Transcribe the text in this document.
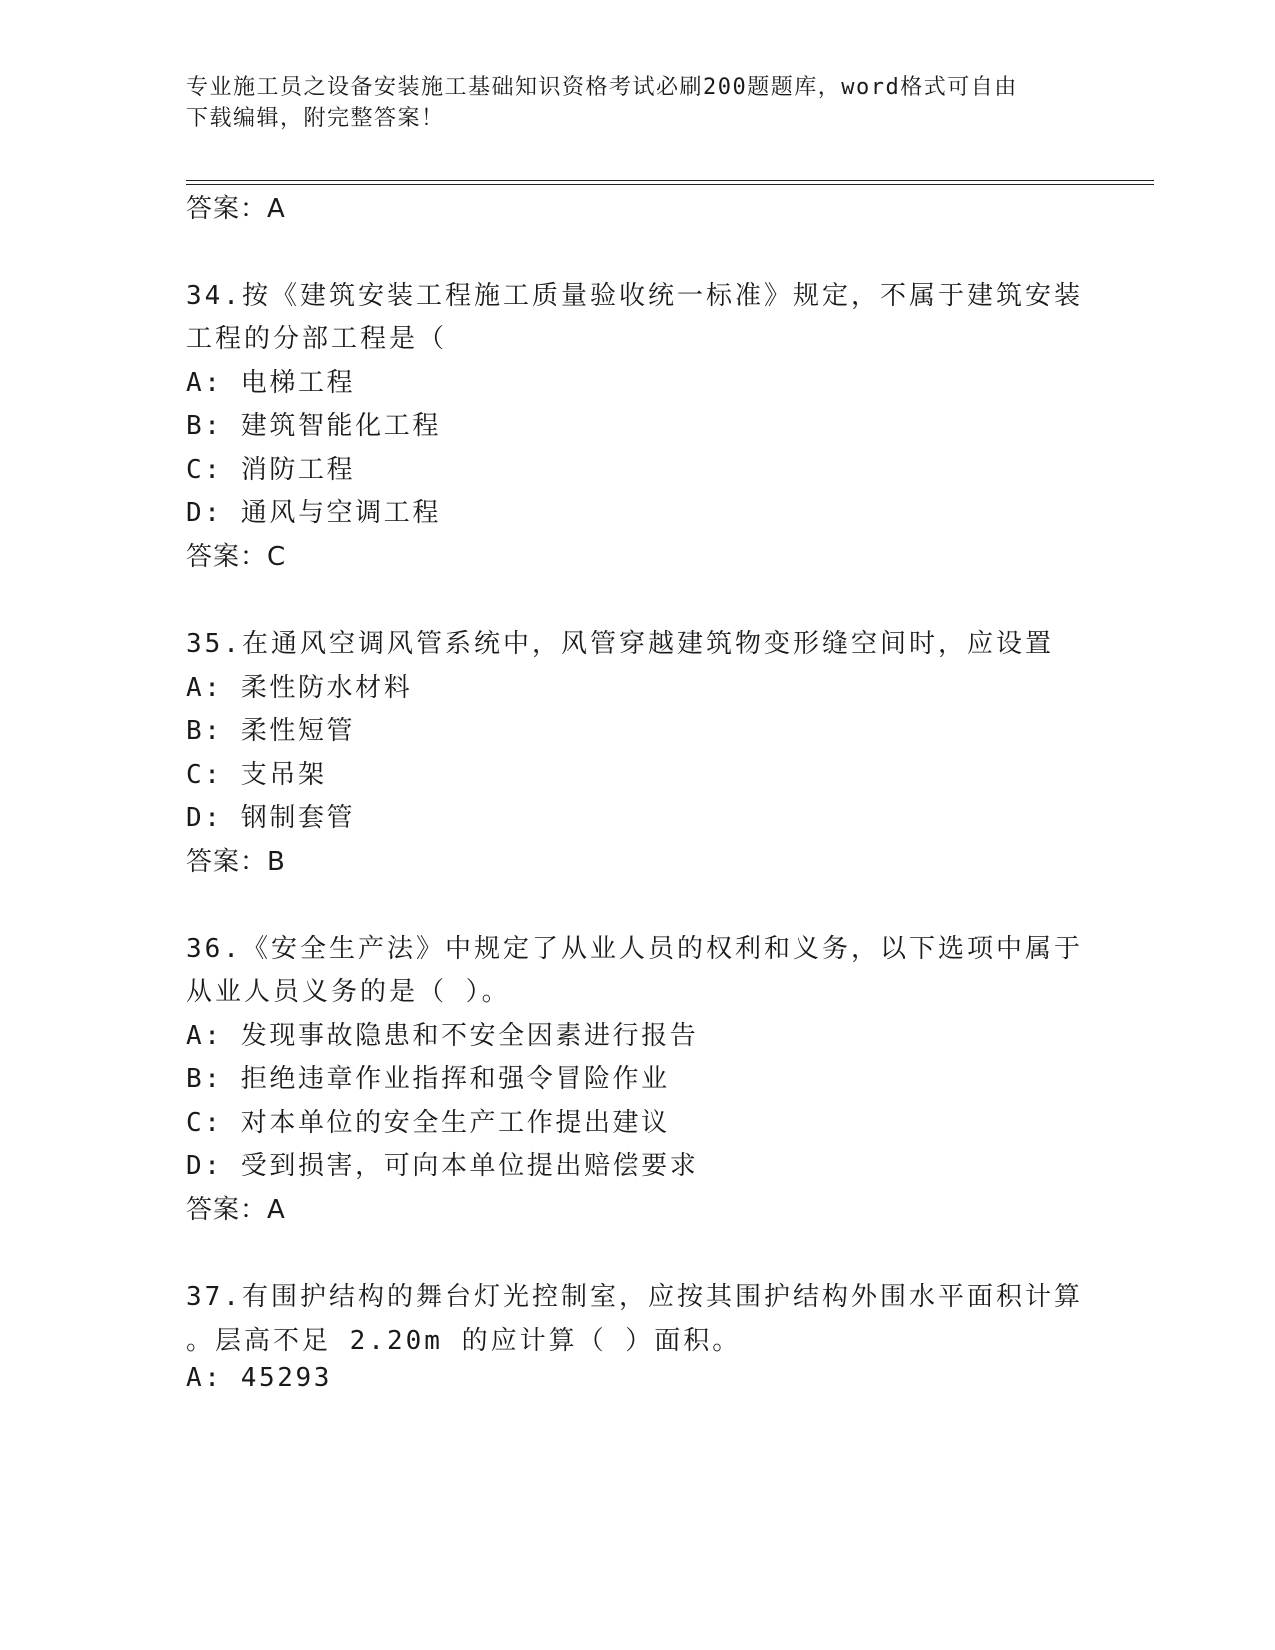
专业施工员之设备安装施工基础知识资格考试必刷200题题库，word格式可自由
下载编辑，附完整答案！
答案：A
34.按《建筑安装工程施工质量验收统一标准》规定，不属于建筑安装
工程的分部工程是（
A: 电梯工程
B: 建筑智能化工程
C: 消防工程
D: 通风与空调工程
答案：C
35.在通风空调风管系统中，风管穿越建筑物变形缝空间时，应设置
A: 柔性防水材料
B: 柔性短管
C: 支吊架
D: 钢制套管
答案：B
36.《安全生产法》中规定了从业人员的权利和义务，以下选项中属于
从业人员义务的是（ ）。
A: 发现事故隐患和不安全因素进行报告
B: 拒绝违章作业指挥和强令冒险作业
C: 对本单位的安全生产工作提出建议
D: 受到损害，可向本单位提出赔偿要求
答案：A
37.有围护结构的舞台灯光控制室，应按其围护结构外围水平面积计算
。层高不足 2.20m 的应计算（ ）面积。
A: 45293
